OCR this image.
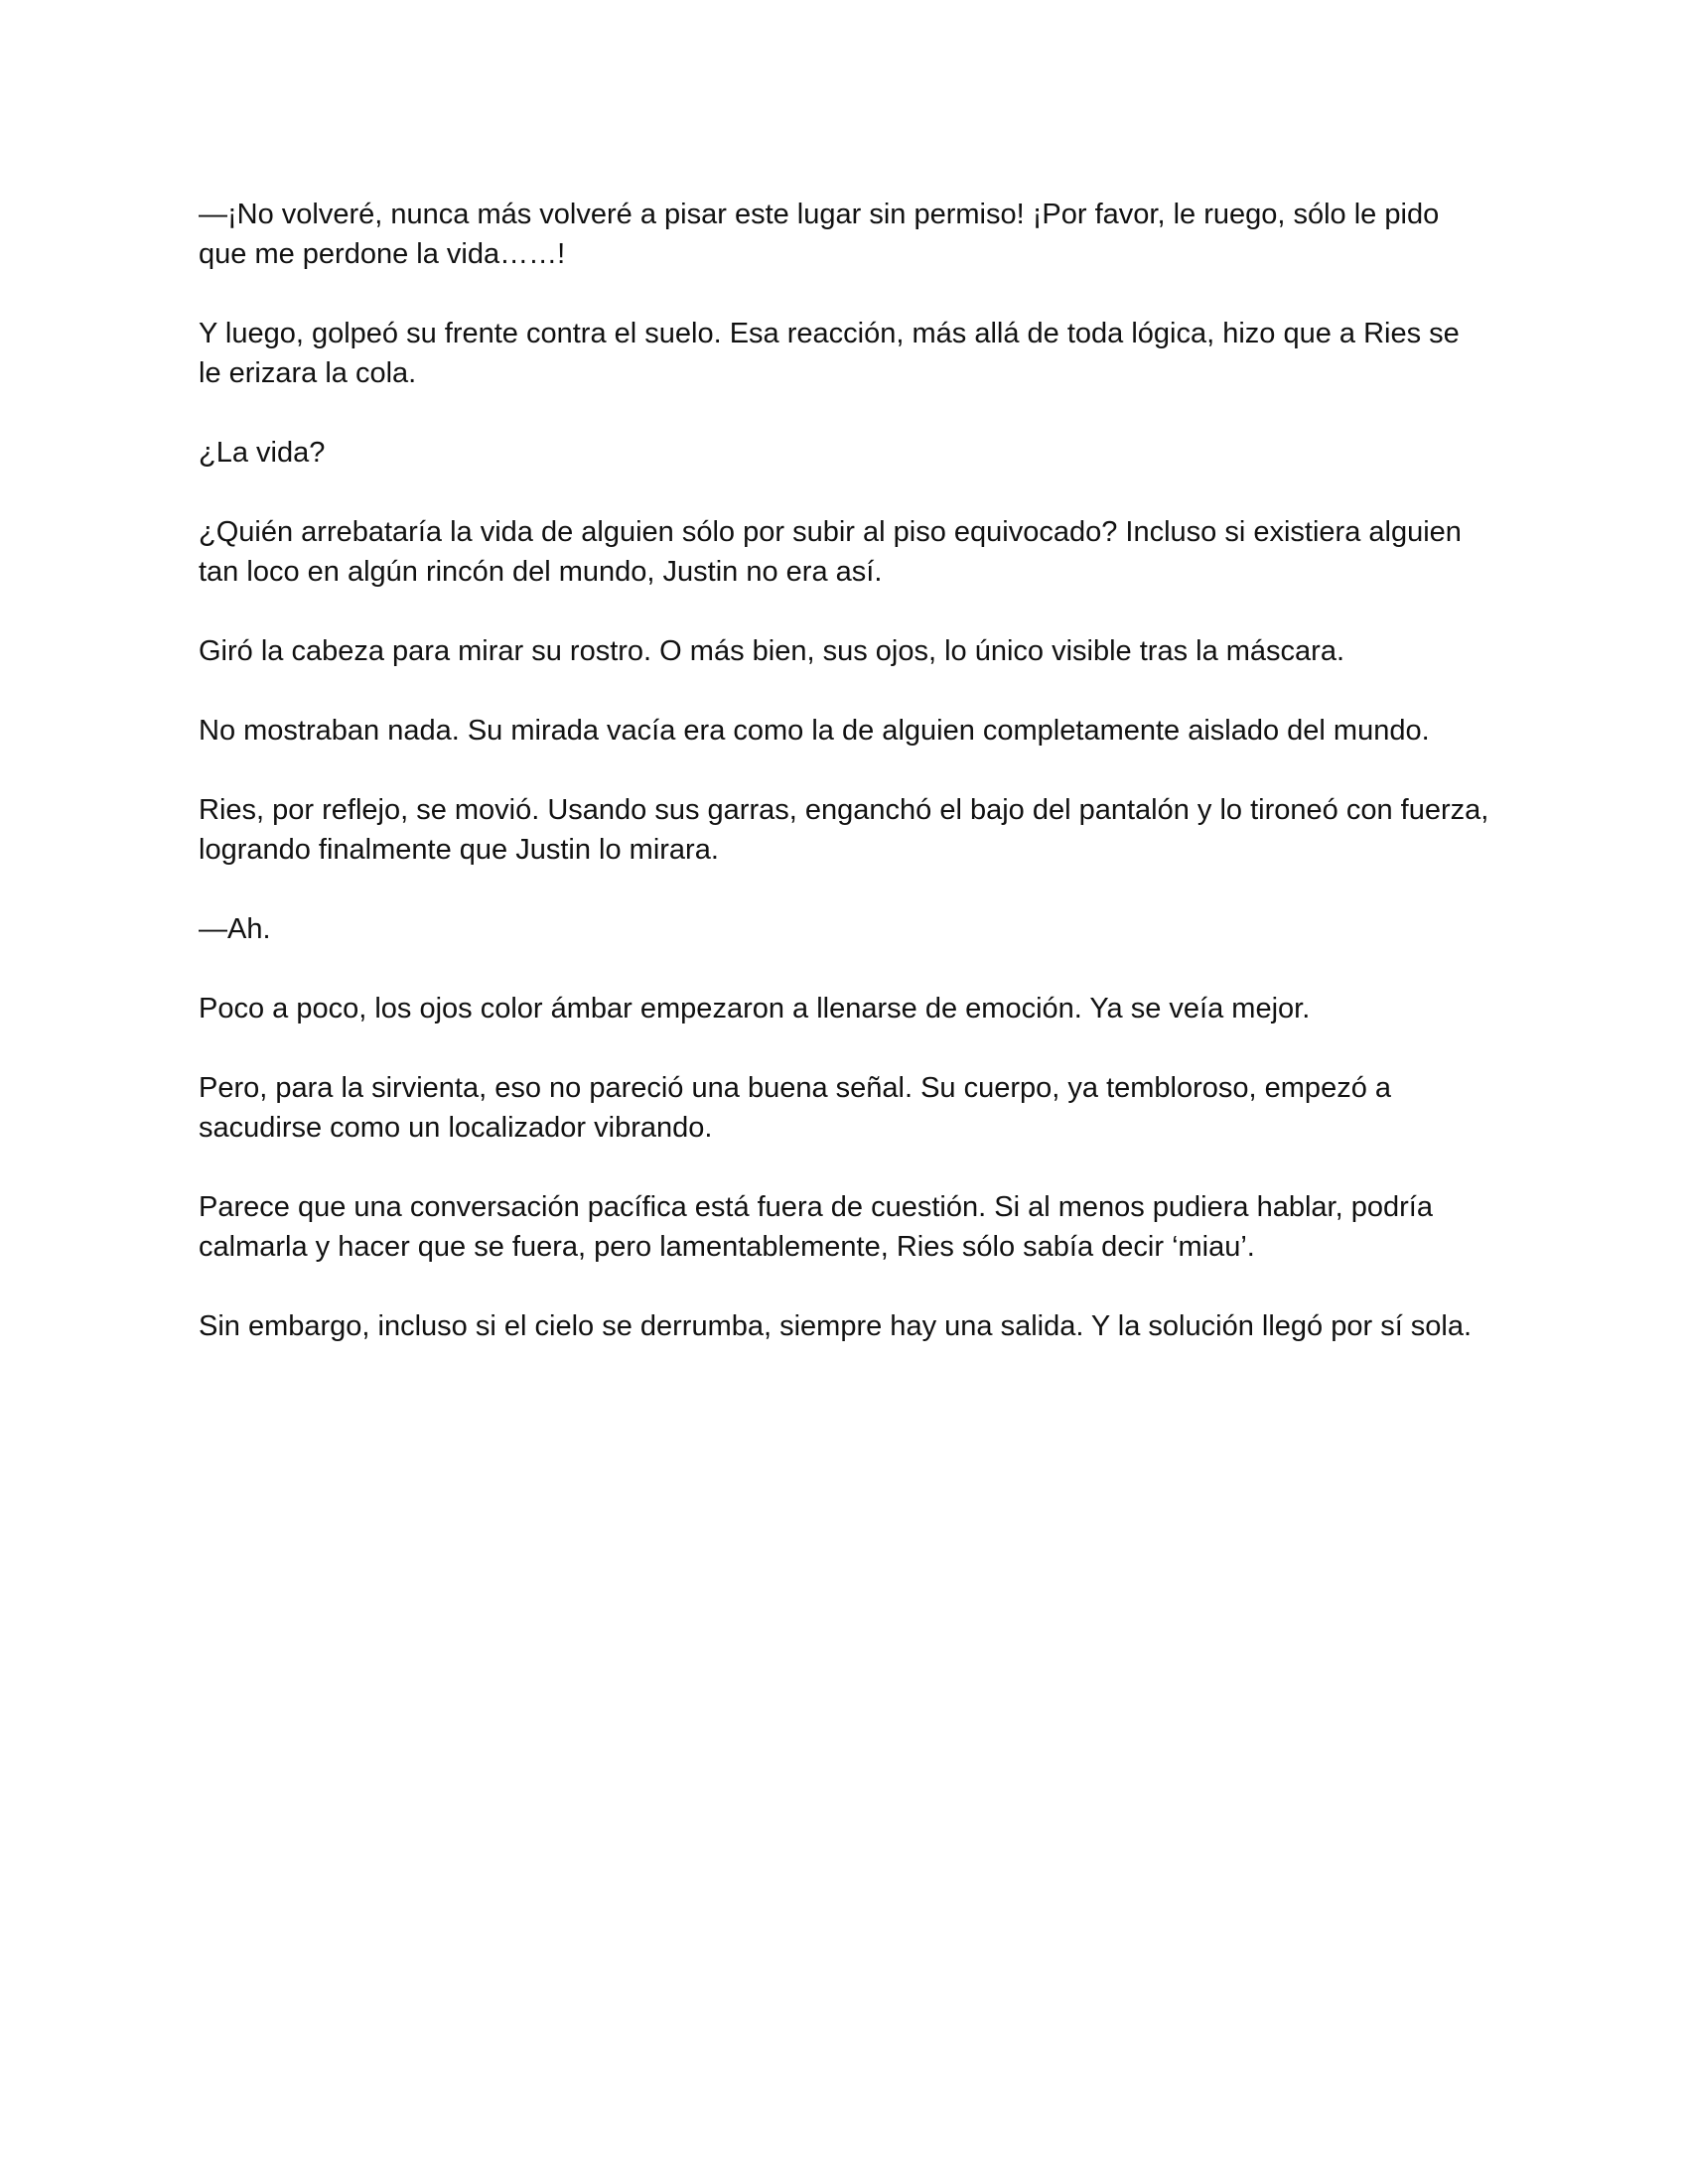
—¡No volveré, nunca más volveré a pisar este lugar sin permiso! ¡Por favor, le ruego, sólo le pido que me perdone la vida……!

Y luego, golpeó su frente contra el suelo. Esa reacción, más allá de toda lógica, hizo que a Ries se le erizara la cola.

¿La vida?

¿Quién arrebataría la vida de alguien sólo por subir al piso equivocado? Incluso si existiera alguien tan loco en algún rincón del mundo, Justin no era así.

Giró la cabeza para mirar su rostro. O más bien, sus ojos, lo único visible tras la máscara.

No mostraban nada. Su mirada vacía era como la de alguien completamente aislado del mundo.

Ries, por reflejo, se movió. Usando sus garras, enganchó el bajo del pantalón y lo tironeó con fuerza, logrando finalmente que Justin lo mirara.

—Ah.

Poco a poco, los ojos color ámbar empezaron a llenarse de emoción. Ya se veía mejor.

Pero, para la sirvienta, eso no pareció una buena señal. Su cuerpo, ya tembloroso, empezó a sacudirse como un localizador vibrando.

Parece que una conversación pacífica está fuera de cuestión. Si al menos pudiera hablar, podría calmarla y hacer que se fuera, pero lamentablemente, Ries sólo sabía decir ‘miau’.

Sin embargo, incluso si el cielo se derrumba, siempre hay una salida. Y la solución llegó por sí sola.
